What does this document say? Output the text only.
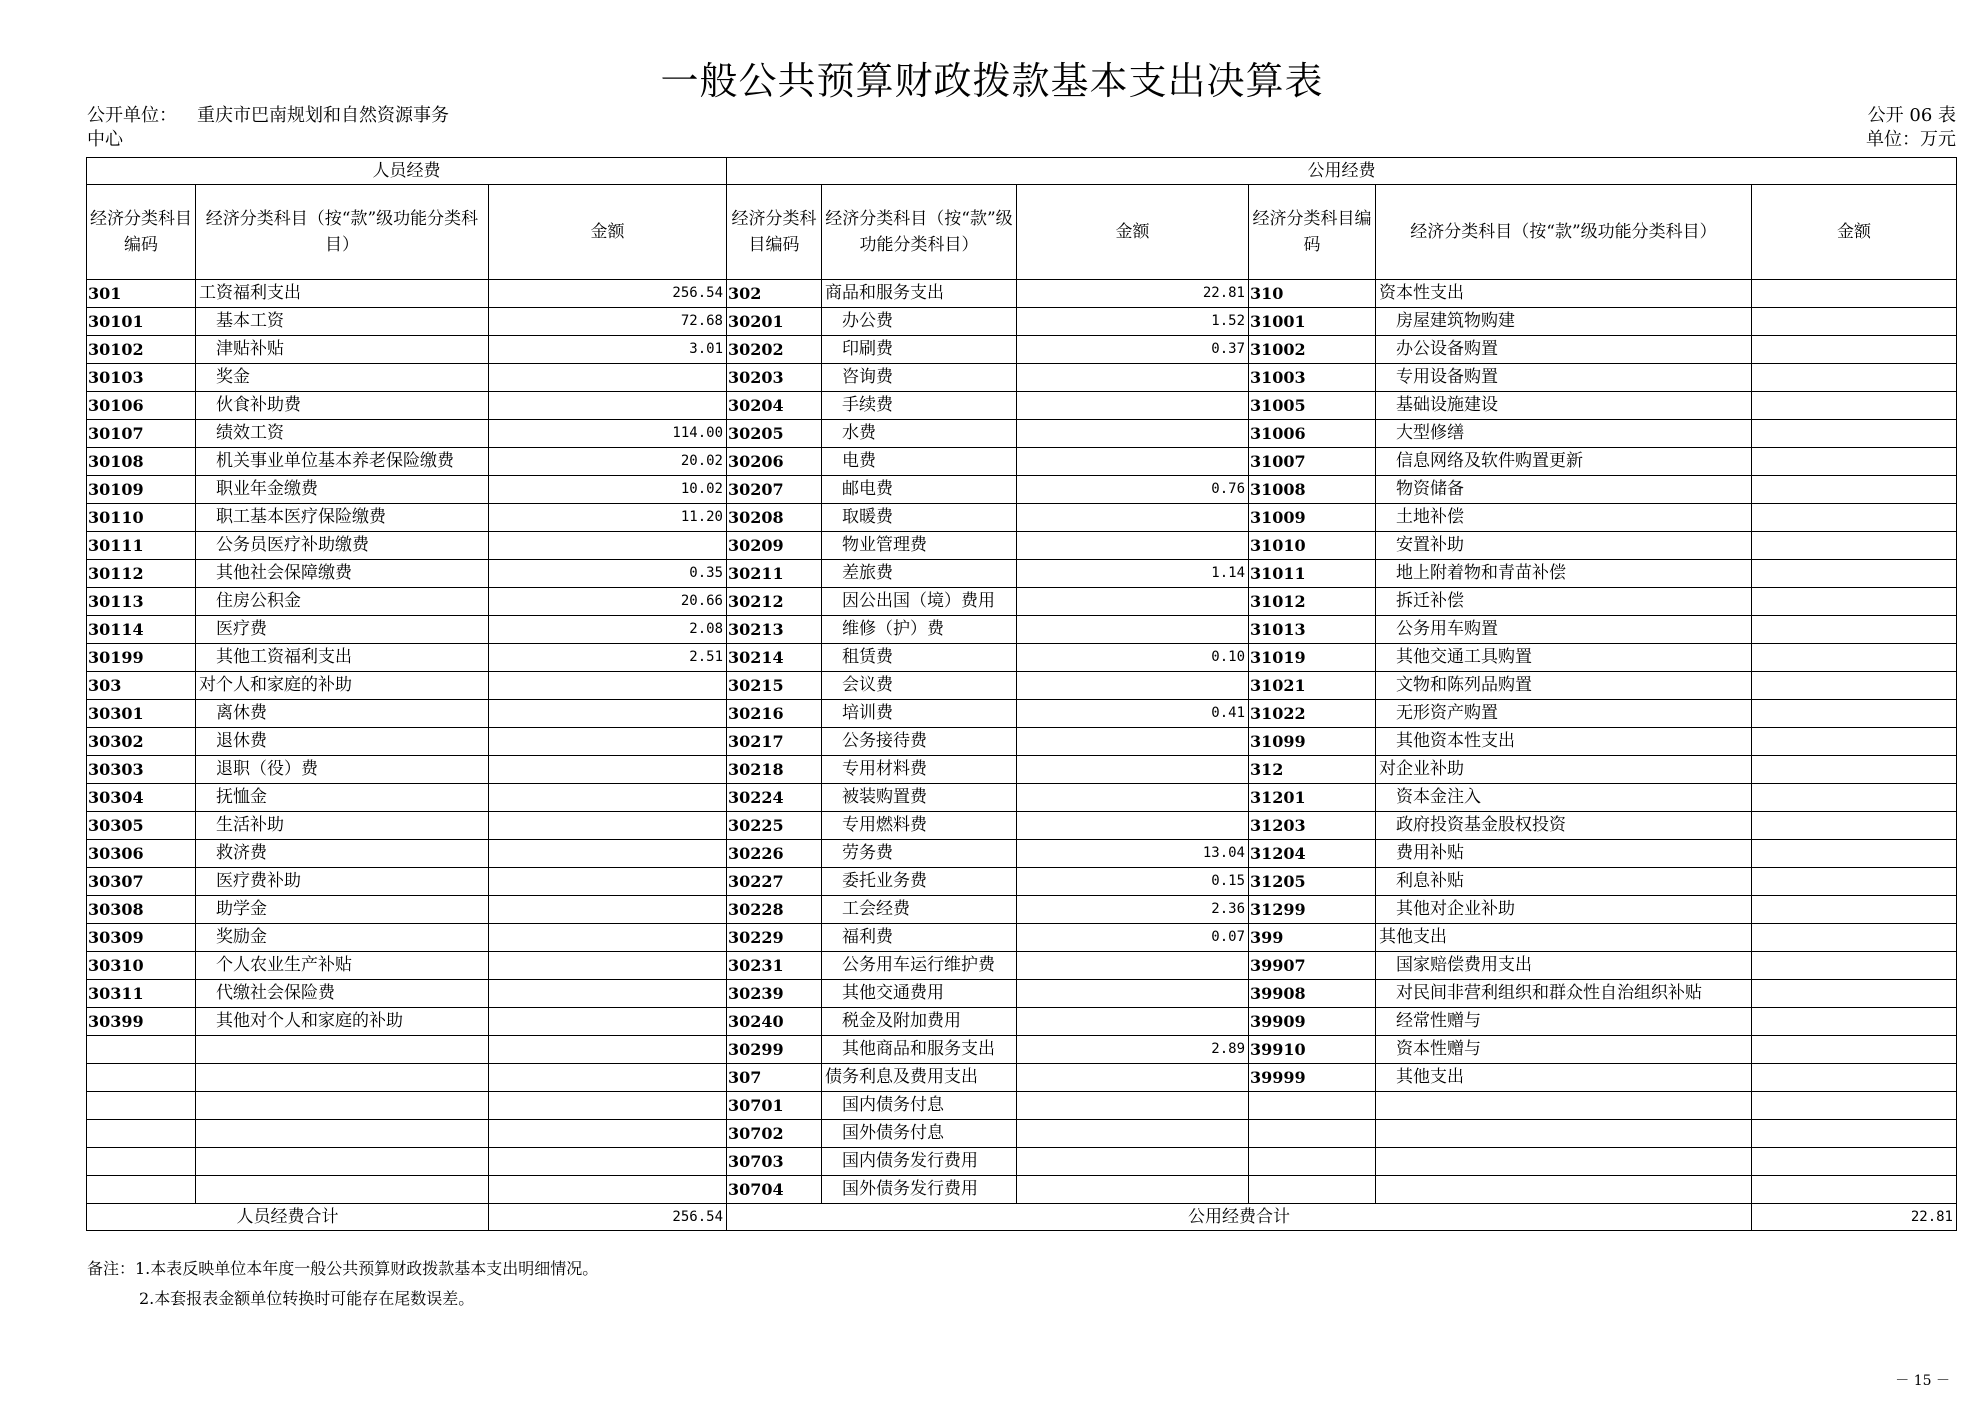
一般公共预算财政拨款基本支出决算表
公开单位： 重庆市巴南规划和自然资源事务
中心
公开 06 表
单位：万元
人员经费			公用经费					
经济分类科目编码	经济分类科目（按“款”级功能分类科目）	金额	经济分类科目编码	经济分类科目（按“款”级功能分类科目）	金额	经济分类科目编码	经济分类科目（按“款”级功能分类科目）	金额
301	工资福利支出	256.54	302	商品和服务支出	22.81	310	资本性支出	
30101	基本工资	72.68	30201	办公费	1.52	31001	房屋建筑物购建	
30102	津贴补贴	3.01	30202	印刷费	0.37	31002	办公设备购置	
30103	奖金		30203	咨询费		31003	专用设备购置	
30106	伙食补助费		30204	手续费		31005	基础设施建设	
30107	绩效工资	114.00	30205	水费		31006	大型修缮	
30108	机关事业单位基本养老保险缴费	20.02	30206	电费		31007	信息网络及软件购置更新	
30109	职业年金缴费	10.02	30207	邮电费	0.76	31008	物资储备	
30110	职工基本医疗保险缴费	11.20	30208	取暖费		31009	土地补偿	
30111	公务员医疗补助缴费		30209	物业管理费		31010	安置补助	
30112	其他社会保障缴费	0.35	30211	差旅费	1.14	31011	地上附着物和青苗补偿	
30113	住房公积金	20.66	30212	因公出国（境）费用		31012	拆迁补偿	
30114	医疗费	2.08	30213	维修（护）费		31013	公务用车购置	
30199	其他工资福利支出	2.51	30214	租赁费	0.10	31019	其他交通工具购置	
303	对个人和家庭的补助		30215	会议费		31021	文物和陈列品购置	
30301	离休费		30216	培训费	0.41	31022	无形资产购置	
30302	退休费		30217	公务接待费		31099	其他资本性支出	
30303	退职（役）费		30218	专用材料费		312	对企业补助	
30304	抚恤金		30224	被装购置费		31201	资本金注入	
30305	生活补助		30225	专用燃料费		31203	政府投资基金股权投资	
30306	救济费		30226	劳务费	13.04	31204	费用补贴	
30307	医疗费补助		30227	委托业务费	0.15	31205	利息补贴	
30308	助学金		30228	工会经费	2.36	31299	其他对企业补助	
30309	奖励金		30229	福利费	0.07	399	其他支出	
30310	个人农业生产补贴		30231	公务用车运行维护费		39907	国家赔偿费用支出	
30311	代缴社会保险费		30239	其他交通费用		39908	对民间非营利组织和群众性自治组织补贴	
30399	其他对个人和家庭的补助		30240	税金及附加费用		39909	经常性赠与	
			30299	其他商品和服务支出	2.89	39910	资本性赠与	
			307	债务利息及费用支出		39999	其他支出	
			30701	国内债务付息				
			30702	国外债务付息				
			30703	国内债务发行费用				
			30704	国外债务发行费用				
人员经费合计		256.54	公用经费合计					22.81
备注：1.本表反映单位本年度一般公共预算财政拨款基本支出明细情况。
2.本套报表金额单位转换时可能存在尾数误差。
－ 15 －
